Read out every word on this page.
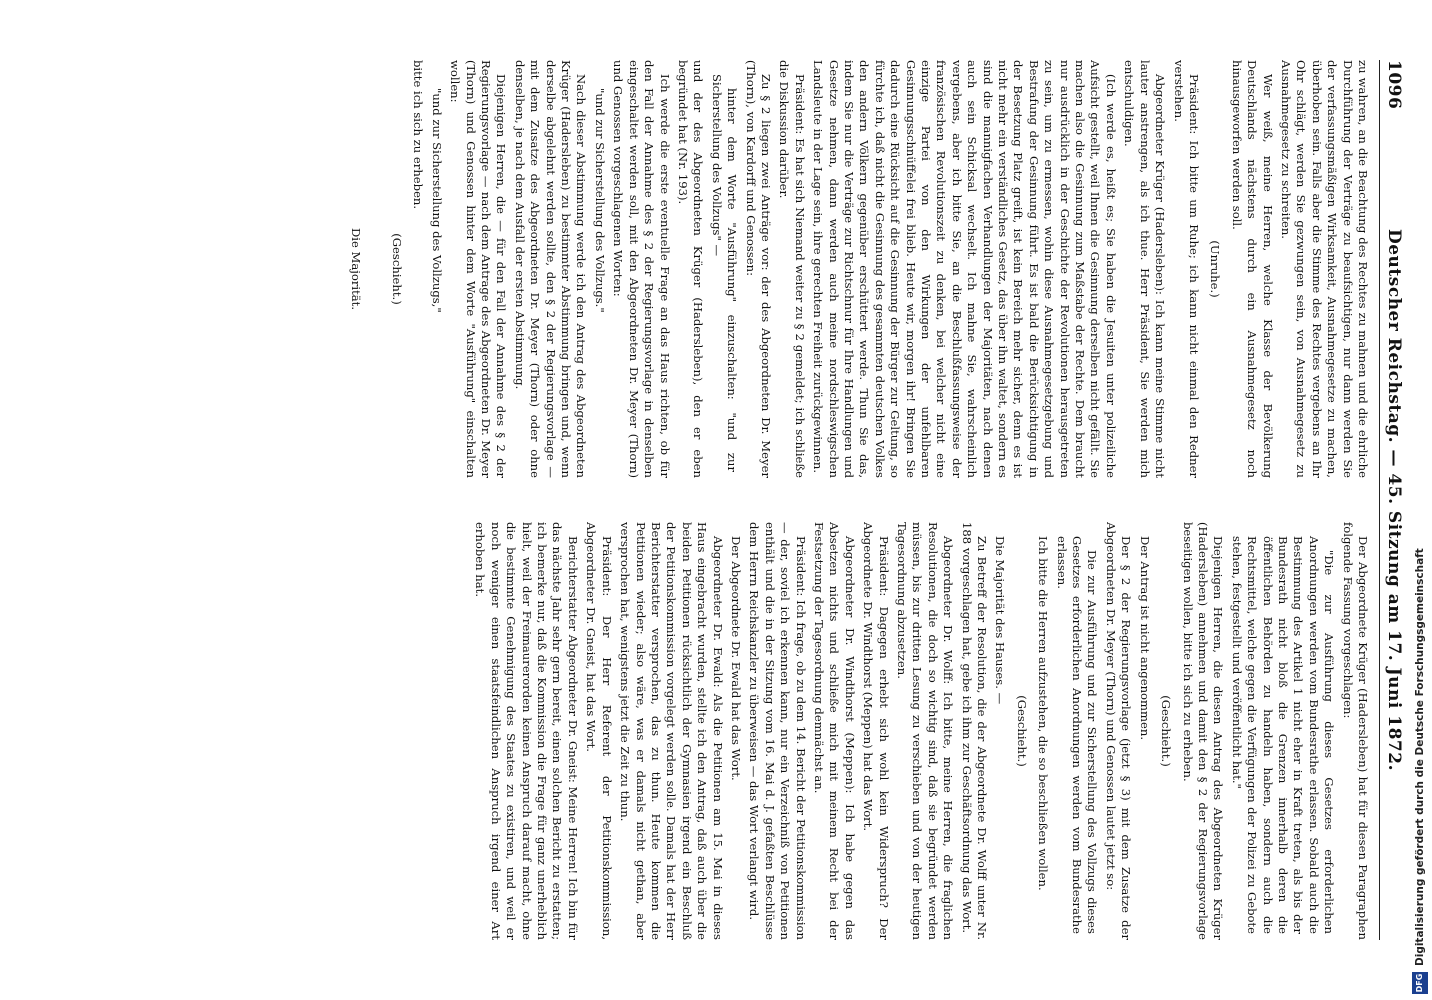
1096
Deutscher Reichstag. — 45. Sitzung am 17. Juni 1872.

zu wahren, an die Beachtung des Rechtes zu mahnen und die ehrliche Durchführung der Verträge zu beaufsichtigen, nur dann werden Sie der verfassungsmäßigen Wirksamkeit, Ausnahmegesetze zu machen, überhoben sein. Falls aber die Stimme des Rechtes vergebens an Ihr Ohr schlägt, werden Sie gezwungen sein, von Ausnahmegesetz zu Ausnahmegesetz zu schreiten.

Wer weiß, meine Herren, welche Klasse der Bevölkerung Deutschlands nächstens durch ein Ausnahmegesetz noch hinausgeworfen werden soll.

(Unruhe.)

Präsident: Ich bitte um Ruhe; ich kann nicht einmal den Redner verstehen.

Abgeordneter Krüger (Hadersleben): Ich kann meine Stimme nicht lauter anstrengen, als ich thue. Herr Präsident, Sie werden mich entschuldigen.

(Ich werde es, heißt es; Sie haben die Jesuiten unter polizeiliche Aufsicht gestellt, weil Ihnen die Gesinnung derselben nicht gefällt. Sie machen also die Gesinnung zum Maßstabe der Rechte. Dem braucht nur ausdrücklich in der Geschichte der Revolutionen herausgetreten zu sein, um zu ermessen, wohin diese Ausnahmegesetzgebung und Bestrafung der Gesinnung führt. Es ist bald die Berücksichtigung in der Besetzung Platz greift, ist kein Bereich mehr sicher, denn es ist nicht mehr ein verständliches Gesetz, das über ihn waltet, sondern es sind die mannigfachen Verhandlungen der Majoritäten, nach denen auch sein Schicksal wechselt. Ich mahne Sie, wahrscheinlich vergebens, aber ich bitte Sie, an die Beschlußfassungsweise der französischen Revolutionszeit zu denken, bei welcher nicht eine einzige Partei von den Wirkungen der unfehlbaren Gesinnungsschnüffelei frei blieb. Heute wir, morgen ihr! Bringen Sie dadurch eine Rücksicht auf die Gesinnung der Bürger zur Geltung, so fürchte ich, daß nicht die Gesinnung des gesammten deutschen Volkes den andern Völkern gegenüber erschüttert werde. Thun Sie das, indem Sie nur die Verträge zur Richtschnur für Ihre Handlungen und Gesetze nehmen, dann werden auch meine nordschleswigschen Landsleute in der Lage sein, ihre gerechten Freiheit zurückgewinnen.

Präsident: Es hat sich Niemand weiter zu § 2 gemeldet; ich schließe die Diskussion darüber.

Zu § 2 liegen zwei Anträge vor: der des Abgeordneten Dr. Meyer (Thorn), von Kardorff und Genossen:

hinter dem Worte "Ausführung" einzuschalten: "und zur Sicherstellung des Vollzugs" —

und der des Abgeordneten Krüger (Hadersleben), den er eben begründet hat (Nr. 193).

Ich werde die erste eventuelle Frage an das Haus richten, ob für den Fall der Annahme des § 2 der Regierungsvorlage in denselben eingeschaltet werden soll, mit den Abgeordneten Dr. Meyer (Thorn) und Genossen vorgeschlagenen Worten:

"und zur Sicherstellung des Vollzugs."

Nach dieser Abstimmung werde ich den Antrag des Abgeordneten Krüger (Hadersleben) zu bestimmter Abstimmung bringen und, wenn derselbe abgelehnt werden sollte, den § 2 der Regierungsvorlage — mit dem Zusatze des Abgeordneten Dr. Meyer (Thorn) oder ohne denselben, je nach dem Ausfall der ersten Abstimmung.

Diejenigen Herren, die — für den Fall der Annahme des § 2 der Regierungsvorlage — nach dem Antrage des Abgeordneten Dr. Meyer (Thorn) und Genossen hinter dem Worte "Ausführung" einschalten wollen:

"und zur Sicherstellung des Vollzugs,"

bitte ich sich zu erheben.

(Geschieht.)

Die Majorität.

Der Abgeordnete Krüger (Hadersleben) hat für diesen Paragraphen folgende Fassung vorgeschlagen:

"Die zur Ausführung dieses Gesetzes erforderlichen Anordnungen werden vom Bundesrathe erlassen. Sobald auch die Bestimmung des Artikel 1 nicht eher in Kraft treten, als bis der Bundesrath nicht bloß die Grenzen innerhalb deren die öffentlichen Behörden zu handeln haben, sondern auch die Rechtsmittel, welche gegen die Verfügungen der Polizei zu Gebote stehen, festgestellt und veröffentlicht hat."

Diejenigen Herren, die diesen Antrag des Abgeordneten Krüger (Hadersleben) annehmen und damit den § 2 der Regierungsvorlage beseitigen wollen, bitte ich sich zu erheben.

(Geschieht.)

Der Antrag ist nicht angenommen.

Der § 2 der Regierungsvorlage (jetzt § 3) mit dem Zusatze der Abgeordneten Dr. Meyer (Thorn) und Genossen lautet jetzt so:

Die zur Ausführung und zur Sicherstellung des Vollzugs dieses Gesetzes erforderlichen Anordnungen werden vom Bundesrathe erlassen.

Ich bitte die Herren aufzustehen, die so beschließen wollen.

(Geschieht.)

Die Majorität des Hauses. —

Zu Betreff der Resolution, die der Abgeordnete Dr. Wolff unter Nr. 188 vorgeschlagen hat, gebe ich ihm zur Geschäftsordnung das Wort.

Abgeordneter Dr. Wolff: Ich bitte, meine Herren, die fraglichen Resolutionen, die doch so wichtig sind, daß sie begründet werden müssen, bis zur dritten Lesung zu verschieben und von der heutigen Tagesordnung abzusetzen.

Präsident: Dagegen erhebt sich wohl kein Widerspruch? Der Abgeordnete Dr. Windthorst (Meppen) hat das Wort.

Abgeordneter Dr. Windthorst (Meppen): Ich habe gegen das Absetzen nichts und schließe mich mit meinem Recht bei der Festsetzung der Tagesordnung demnächst an.

Präsident: Ich frage, ob zu dem 14. Bericht der Petitionskommission — der, soviel ich erkennen kann, nur ein Verzeichniß von Petitionen enthält und die in der Sitzung vom 16. Mai d. J. gefaßten Beschlüsse dem Herrn Reichskanzler zu überweisen — das Wort verlangt wird.

Der Abgeordnete Dr. Ewald hat das Wort.

Abgeordneter Dr. Ewald: Als die Petitionen am 15. Mai in dieses Haus eingebracht wurden, stellte ich den Antrag, daß auch über die beiden Petitionen rücksichtlich der Gymnasien irgend ein Beschluß der Petitionskommission vorgelegt werden solle. Damals hat der Herr Berichterstatter versprochen, das zu thun. Heute kommen die Petitionen wieder; also wäre, was er damals nicht gethan, aber versprochen hat, wenigstens jetzt die Zeit zu thun.

Präsident: Der Herr Referent der Petitionskommission, Abgeordneter Dr. Gneist, hat das Wort.

Berichterstatter Abgeordneter Dr. Gneist: Meine Herren! Ich bin für das nächste Jahr sehr gern bereit, einen solchen Bericht zu erstatten; ich bemerke nur, daß die Kommission die Frage für ganz unerheblich hielt, weil der Freimaurerorden keinen Anspruch darauf macht, ohne die bestimmte Genehmigung des Staates zu existiren, und weil er noch weniger einen staatsfeindlichen Anspruch irgend einer Art erhoben hat.

DFG
Digitalisierung gefördert durch die Deutsche Forschungsgemeinschaft
